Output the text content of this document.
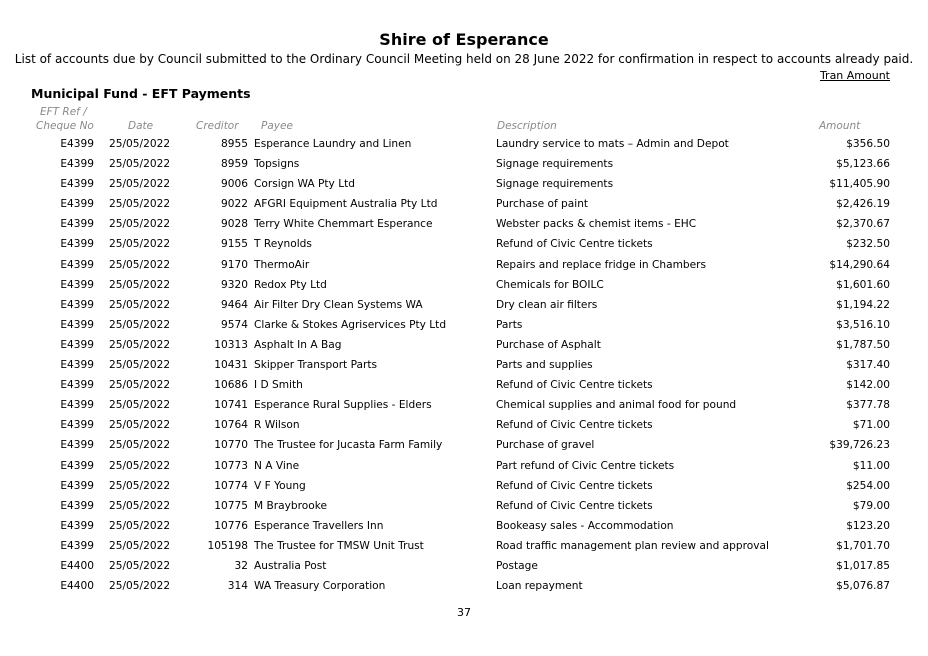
Shire of Esperance
List of accounts due by Council submitted to the Ordinary Council Meeting held on 28 June 2022 for confirmation in respect to accounts already paid.
Tran Amount
Municipal Fund - EFT Payments
EFT Ref /
Cheque No	Date	Creditor Payee	Description	Amount
E4399 25/05/2022	8955 Esperance Laundry and Linen	Laundry service to mats – Admin and Depot	$356.50
E4399 25/05/2022	8959 Topsigns	Signage requirements	$5,123.66
E4399 25/05/2022	9006 Corsign WA Pty Ltd	Signage requirements	$11,405.90
E4399 25/05/2022	9022 AFGRI Equipment Australia Pty Ltd	Purchase of paint	$2,426.19
E4399 25/05/2022	9028 Terry White Chemmart Esperance	Webster packs & chemist items - EHC	$2,370.67
E4399 25/05/2022	9155 T Reynolds	Refund of Civic Centre tickets	$232.50
E4399 25/05/2022	9170 ThermoAir	Repairs and replace fridge in Chambers	$14,290.64
E4399 25/05/2022	9320 Redox Pty Ltd	Chemicals for BOILC	$1,601.60
E4399 25/05/2022	9464 Air Filter Dry Clean Systems WA	Dry clean air filters	$1,194.22
E4399 25/05/2022	9574 Clarke & Stokes Agriservices Pty Ltd	Parts	$3,516.10
E4399 25/05/2022	10313 Asphalt In A Bag	Purchase of Asphalt	$1,787.50
E4399 25/05/2022	10431 Skipper Transport Parts	Parts and supplies	$317.40
E4399 25/05/2022	10686 I D Smith	Refund of Civic Centre tickets	$142.00
E4399 25/05/2022	10741 Esperance Rural Supplies - Elders	Chemical supplies and animal food for pound	$377.78
E4399 25/05/2022	10764 R Wilson	Refund of Civic Centre tickets	$71.00
E4399 25/05/2022	10770 The Trustee for Jucasta Farm Family	Purchase of gravel	$39,726.23
E4399 25/05/2022	10773 N A Vine	Part refund of Civic Centre tickets	$11.00
E4399 25/05/2022	10774 V F Young	Refund of Civic Centre tickets	$254.00
E4399 25/05/2022	10775 M Braybrooke	Refund of Civic Centre tickets	$79.00
E4399 25/05/2022	10776 Esperance Travellers Inn	Bookeasy sales - Accommodation	$123.20
E4399 25/05/2022	105198 The Trustee for TMSW Unit Trust	Road traffic management plan review and approval	$1,701.70
E4400 25/05/2022	32 Australia Post	Postage	$1,017.85
E4400 25/05/2022	314 WA Treasury Corporation	Loan repayment	$5,076.87
37
